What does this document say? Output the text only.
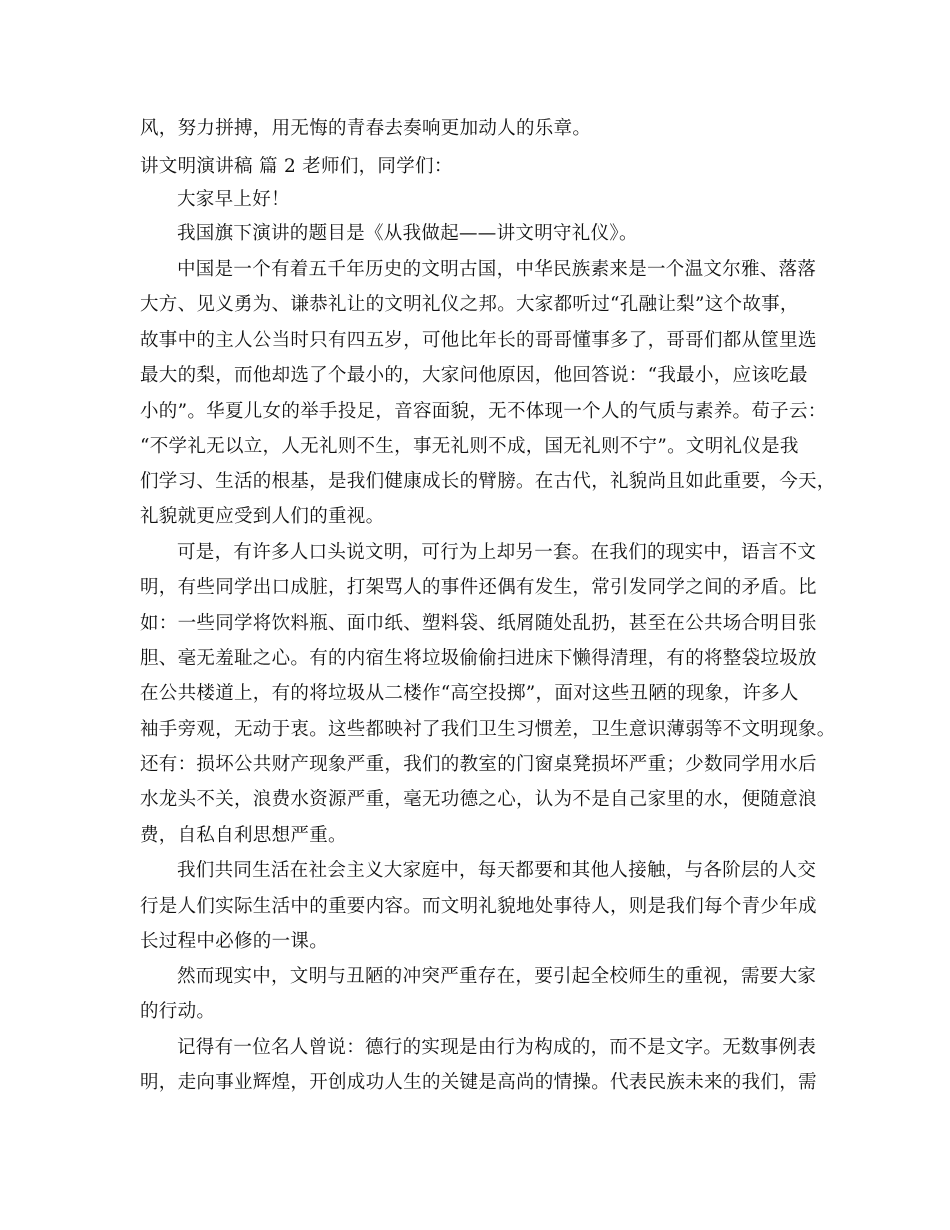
风，努力拼搏，用无悔的青春去奏响更加动人的乐章。
讲文明演讲稿 篇 2 老师们，同学们：
大家早上好！
我国旗下演讲的题目是《从我做起——讲文明守礼仪》。
中国是一个有着五千年历史的文明古国，中华民族素来是一个温文尔雅、落落
大方、见义勇为、谦恭礼让的文明礼仪之邦。大家都听过“孔融让梨”这个故事，
故事中的主人公当时只有四五岁，可他比年长的哥哥懂事多了，哥哥们都从筐里选
最大的梨，而他却选了个最小的，大家问他原因，他回答说：“我最小，应该吃最
小的”。华夏儿女的举手投足，音容面貌，无不体现一个人的气质与素养。荀子云：
“不学礼无以立，人无礼则不生，事无礼则不成，国无礼则不宁”。文明礼仪是我
们学习、生活的根基，是我们健康成长的臂膀。在古代，礼貌尚且如此重要，今天，
礼貌就更应受到人们的重视。
可是，有许多人口头说文明，可行为上却另一套。在我们的现实中，语言不文
明，有些同学出口成脏，打架骂人的事件还偶有发生，常引发同学之间的矛盾。比
如：一些同学将饮料瓶、面巾纸、塑料袋、纸屑随处乱扔，甚至在公共场合明目张
胆、毫无羞耻之心。有的内宿生将垃圾偷偷扫进床下懒得清理，有的将整袋垃圾放
在公共楼道上，有的将垃圾从二楼作“高空投掷”，面对这些丑陋的现象，许多人
袖手旁观，无动于衷。这些都映衬了我们卫生习惯差，卫生意识薄弱等不文明现象。
还有：损坏公共财产现象严重，我们的教室的门窗桌凳损坏严重；少数同学用水后
水龙头不关，浪费水资源严重，毫无功德之心，认为不是自己家里的水，便随意浪
费，自私自利思想严重。
我们共同生活在社会主义大家庭中，每天都要和其他人接触，与各阶层的人交
行是人们实际生活中的重要内容。而文明礼貌地处事待人，则是我们每个青少年成
长过程中必修的一课。
然而现实中，文明与丑陋的冲突严重存在，要引起全校师生的重视，需要大家
的行动。
记得有一位名人曾说：德行的实现是由行为构成的，而不是文字。无数事例表
明，走向事业辉煌，开创成功人生的关键是高尚的情操。代表民族未来的我们，需
